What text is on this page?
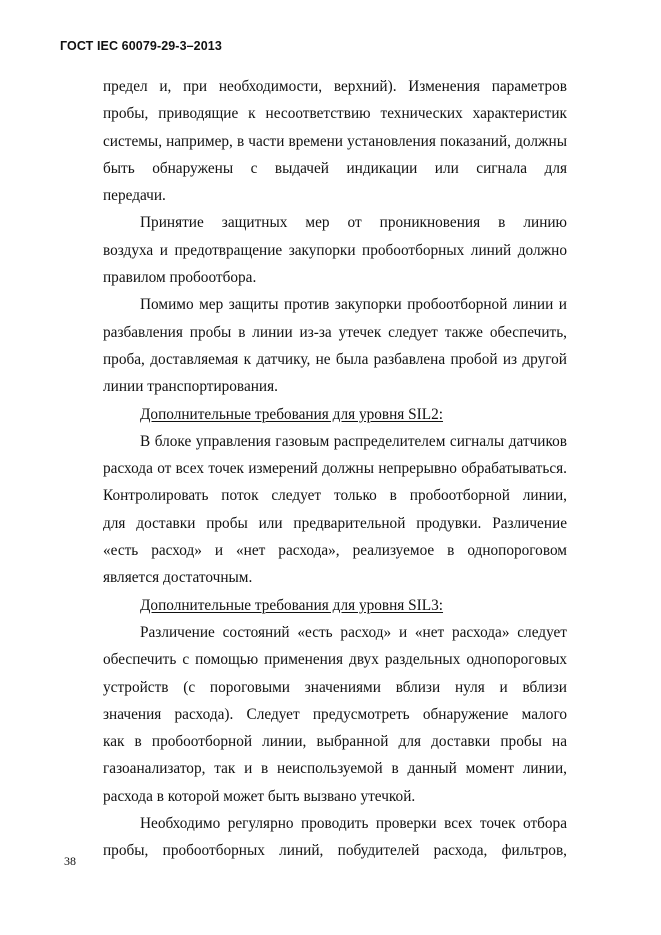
ГОСТ IEC 60079-29-3–2013
предел и, при необходимости, верхний). Изменения параметров
пробы, приводящие к несоответствию технических характеристик
системы, например, в части времени установления показаний, должны
быть обнаружены с выдачей индикации или сигнала для
передачи.
Принятие защитных мер от проникновения в линию
воздуха и предотвращение закупорки пробоотборных линий должно
правилом пробоотбора.
Помимо мер защиты против закупорки пробоотборной линии и
разбавления пробы в линии из-за утечек следует также обеспечить,
проба, доставляемая к датчику, не была разбавлена пробой из другой
линии транспортирования.
Дополнительные требования для уровня SIL2:
В блоке управления газовым распределителем сигналы датчиков
расхода от всех точек измерений должны непрерывно обрабатываться.
Контролировать поток следует только в пробоотборной линии,
для доставки пробы или предварительной продувки. Различение
«есть расход» и «нет расхода», реализуемое в однопороговом
является достаточным.
Дополнительные требования для уровня SIL3:
Различение состояний «есть расход» и «нет расхода» следует
обеспечить с помощью применения двух раздельных однопороговых
устройств (с пороговыми значениями вблизи нуля и вблизи
значения расхода). Следует предусмотреть обнаружение малого
как в пробоотборной линии, выбранной для доставки пробы на
газоанализатор, так и в неиспользуемой в данный момент линии,
расхода в которой может быть вызвано утечкой.
Необходимо регулярно проводить проверки всех точек отбора
пробы, пробоотборных линий, побудителей расхода, фильтров,
38
